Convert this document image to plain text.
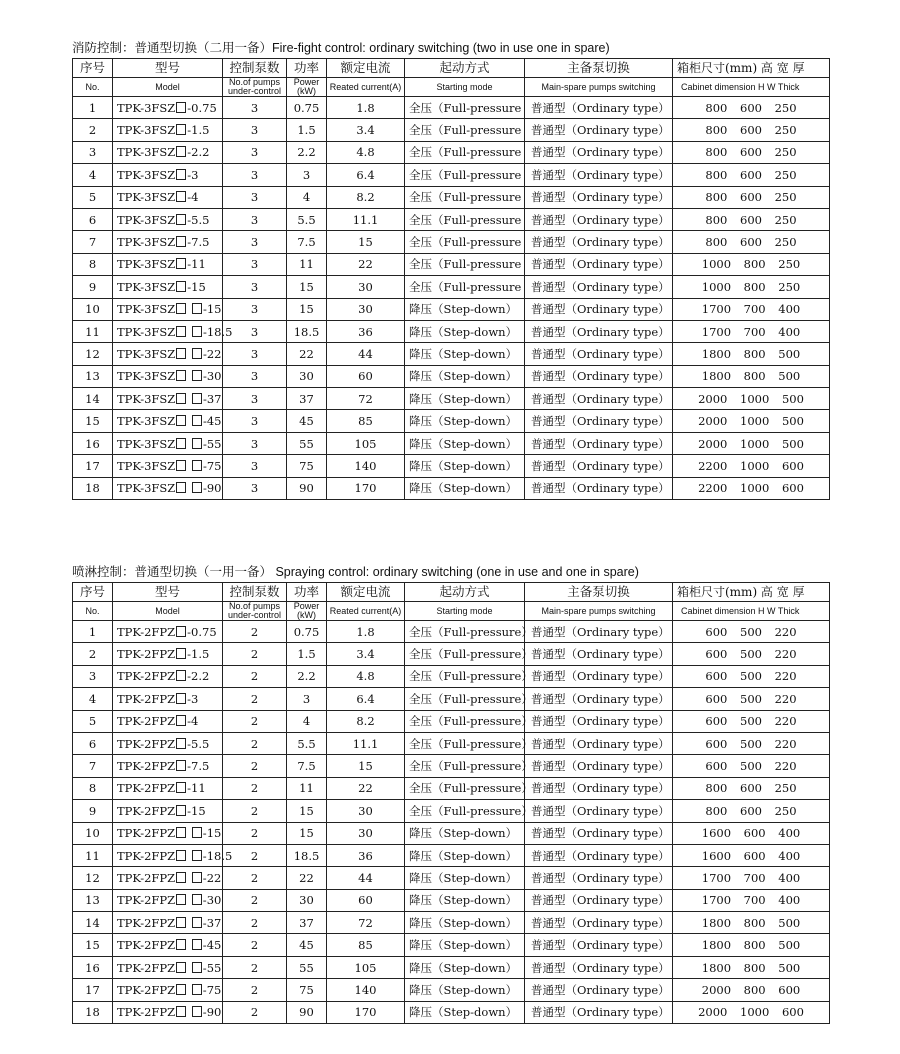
消防控制：普通型切换（二用一备）Fire-fight control: ordinary switching (two in use one in spare)
序号	型号	控制泵数	功率	额定电流	起动方式	主备泵切换	箱柜尺寸(mm) 高 宽 厚
No.	Model	No.of pumps under-control	Power (kW)	Reated current(A)	Starting mode	Main-spare pumps switching	Cabinet dimension H W Thick
1	TPK-3FSZ -0.75	3	0.75	1.8	全压（Full-pressure	普通型（Ordinary type）	800 600 250
2	TPK-3FSZ -1.5	3	1.5	3.4	全压（Full-pressure	普通型（Ordinary type）	800 600 250
3	TPK-3FSZ -2.2	3	2.2	4.8	全压（Full-pressure	普通型（Ordinary type）	800 600 250
4	TPK-3FSZ -3	3	3	6.4	全压（Full-pressure	普通型（Ordinary type）	800 600 250
5	TPK-3FSZ -4	3	4	8.2	全压（Full-pressure	普通型（Ordinary type）	800 600 250
6	TPK-3FSZ -5.5	3	5.5	11.1	全压（Full-pressure	普通型（Ordinary type）	800 600 250
7	TPK-3FSZ -7.5	3	7.5	15	全压（Full-pressure	普通型（Ordinary type）	800 600 250
8	TPK-3FSZ -11	3	11	22	全压（Full-pressure	普通型（Ordinary type）	1000 800 250
9	TPK-3FSZ -15	3	15	30	全压（Full-pressure	普通型（Ordinary type）	1000 800 250
10	TPK-3FSZ -15	3	15	30	降压（Step-down）	普通型（Ordinary type）	1700 700 400
11	TPK-3FSZ -18.5	3	18.5	36	降压（Step-down）	普通型（Ordinary type）	1700 700 400
12	TPK-3FSZ -22	3	22	44	降压（Step-down）	普通型（Ordinary type）	1800 800 500
13	TPK-3FSZ -30	3	30	60	降压（Step-down）	普通型（Ordinary type）	1800 800 500
14	TPK-3FSZ -37	3	37	72	降压（Step-down）	普通型（Ordinary type）	2000 1000 500
15	TPK-3FSZ -45	3	45	85	降压（Step-down）	普通型（Ordinary type）	2000 1000 500
16	TPK-3FSZ -55	3	55	105	降压（Step-down）	普通型（Ordinary type）	2000 1000 500
17	TPK-3FSZ -75	3	75	140	降压（Step-down）	普通型（Ordinary type）	2200 1000 600
18	TPK-3FSZ -90	3	90	170	降压（Step-down）	普通型（Ordinary type）	2200 1000 600
喷淋控制：普通型切换（一用一备） Spraying control: ordinary switching (one in use and one in spare)
序号	型号	控制泵数	功率	额定电流	起动方式	主备泵切换	箱柜尺寸(mm) 高 宽 厚
No.	Model	No.of pumps under-control	Power (kW)	Reated current(A)	Starting mode	Main-spare pumps switching	Cabinet dimension H W Thick
1	TPK-2FPZ -0.75	2	0.75	1.8	全压（Full-pressure）	普通型（Ordinary type）	600 500 220
2	TPK-2FPZ -1.5	2	1.5	3.4	全压（Full-pressure）	普通型（Ordinary type）	600 500 220
3	TPK-2FPZ -2.2	2	2.2	4.8	全压（Full-pressure）	普通型（Ordinary type）	600 500 220
4	TPK-2FPZ -3	2	3	6.4	全压（Full-pressure）	普通型（Ordinary type）	600 500 220
5	TPK-2FPZ -4	2	4	8.2	全压（Full-pressure）	普通型（Ordinary type）	600 500 220
6	TPK-2FPZ -5.5	2	5.5	11.1	全压（Full-pressure）	普通型（Ordinary type）	600 500 220
7	TPK-2FPZ -7.5	2	7.5	15	全压（Full-pressure）	普通型（Ordinary type）	600 500 220
8	TPK-2FPZ -11	2	11	22	全压（Full-pressure）	普通型（Ordinary type）	800 600 250
9	TPK-2FPZ -15	2	15	30	全压（Full-pressure）	普通型（Ordinary type）	800 600 250
10	TPK-2FPZ -15	2	15	30	降压（Step-down）	普通型（Ordinary type）	1600 600 400
11	TPK-2FPZ -18.5	2	18.5	36	降压（Step-down）	普通型（Ordinary type）	1600 600 400
12	TPK-2FPZ -22	2	22	44	降压（Step-down）	普通型（Ordinary type）	1700 700 400
13	TPK-2FPZ -30	2	30	60	降压（Step-down）	普通型（Ordinary type）	1700 700 400
14	TPK-2FPZ -37	2	37	72	降压（Step-down）	普通型（Ordinary type）	1800 800 500
15	TPK-2FPZ -45	2	45	85	降压（Step-down）	普通型（Ordinary type）	1800 800 500
16	TPK-2FPZ -55	2	55	105	降压（Step-down）	普通型（Ordinary type）	1800 800 500
17	TPK-2FPZ -75	2	75	140	降压（Step-down）	普通型（Ordinary type）	2000 800 600
18	TPK-2FPZ -90	2	90	170	降压（Step-down）	普通型（Ordinary type）	2000 1000 600
